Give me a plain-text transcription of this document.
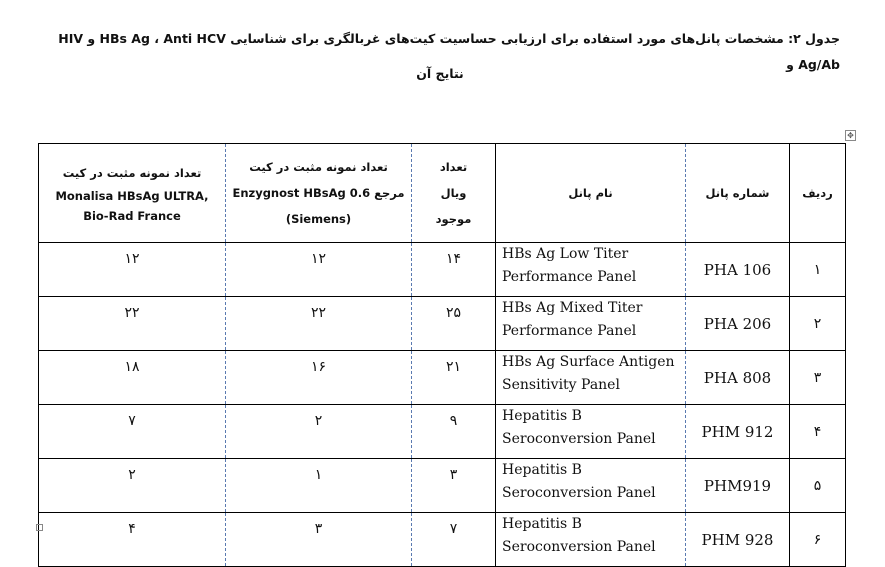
جدول ۲: مشخصات پانل‌های مورد استفاده برای ارزیابی حساسیت کیت‌های غربالگری برای شناسایی HBs Ag ، Anti HCV و HIV Ag/Ab و
نتایج آن
✥
تعداد نمونه مثبت در کیت

Monalisa HBsAg ULTRA,
Bio-Rad France	تعداد نمونه مثبت در کیت
مرجع Enzygnost HBsAg 0.6

(Siemens)	تعداد ویال موجود	نام پانل	شماره پانل	ردیف
۱۲	۱۲	۱۴	HBs Ag Low Titer
Performance Panel	PHA 106	۱
۲۲	۲۲	۲۵	HBs Ag Mixed Titer
Performance Panel	PHA 206	۲
۱۸	۱۶	۲۱	HBs Ag Surface Antigen
Sensitivity Panel	PHA 808	۳
۷	۲	۹	Hepatitis B
Seroconversion Panel	PHM 912	۴
۲	۱	۳	Hepatitis B
Seroconversion Panel	PHM919	۵
۴	۳	۷	Hepatitis B
Seroconversion Panel	PHM 928	۶
